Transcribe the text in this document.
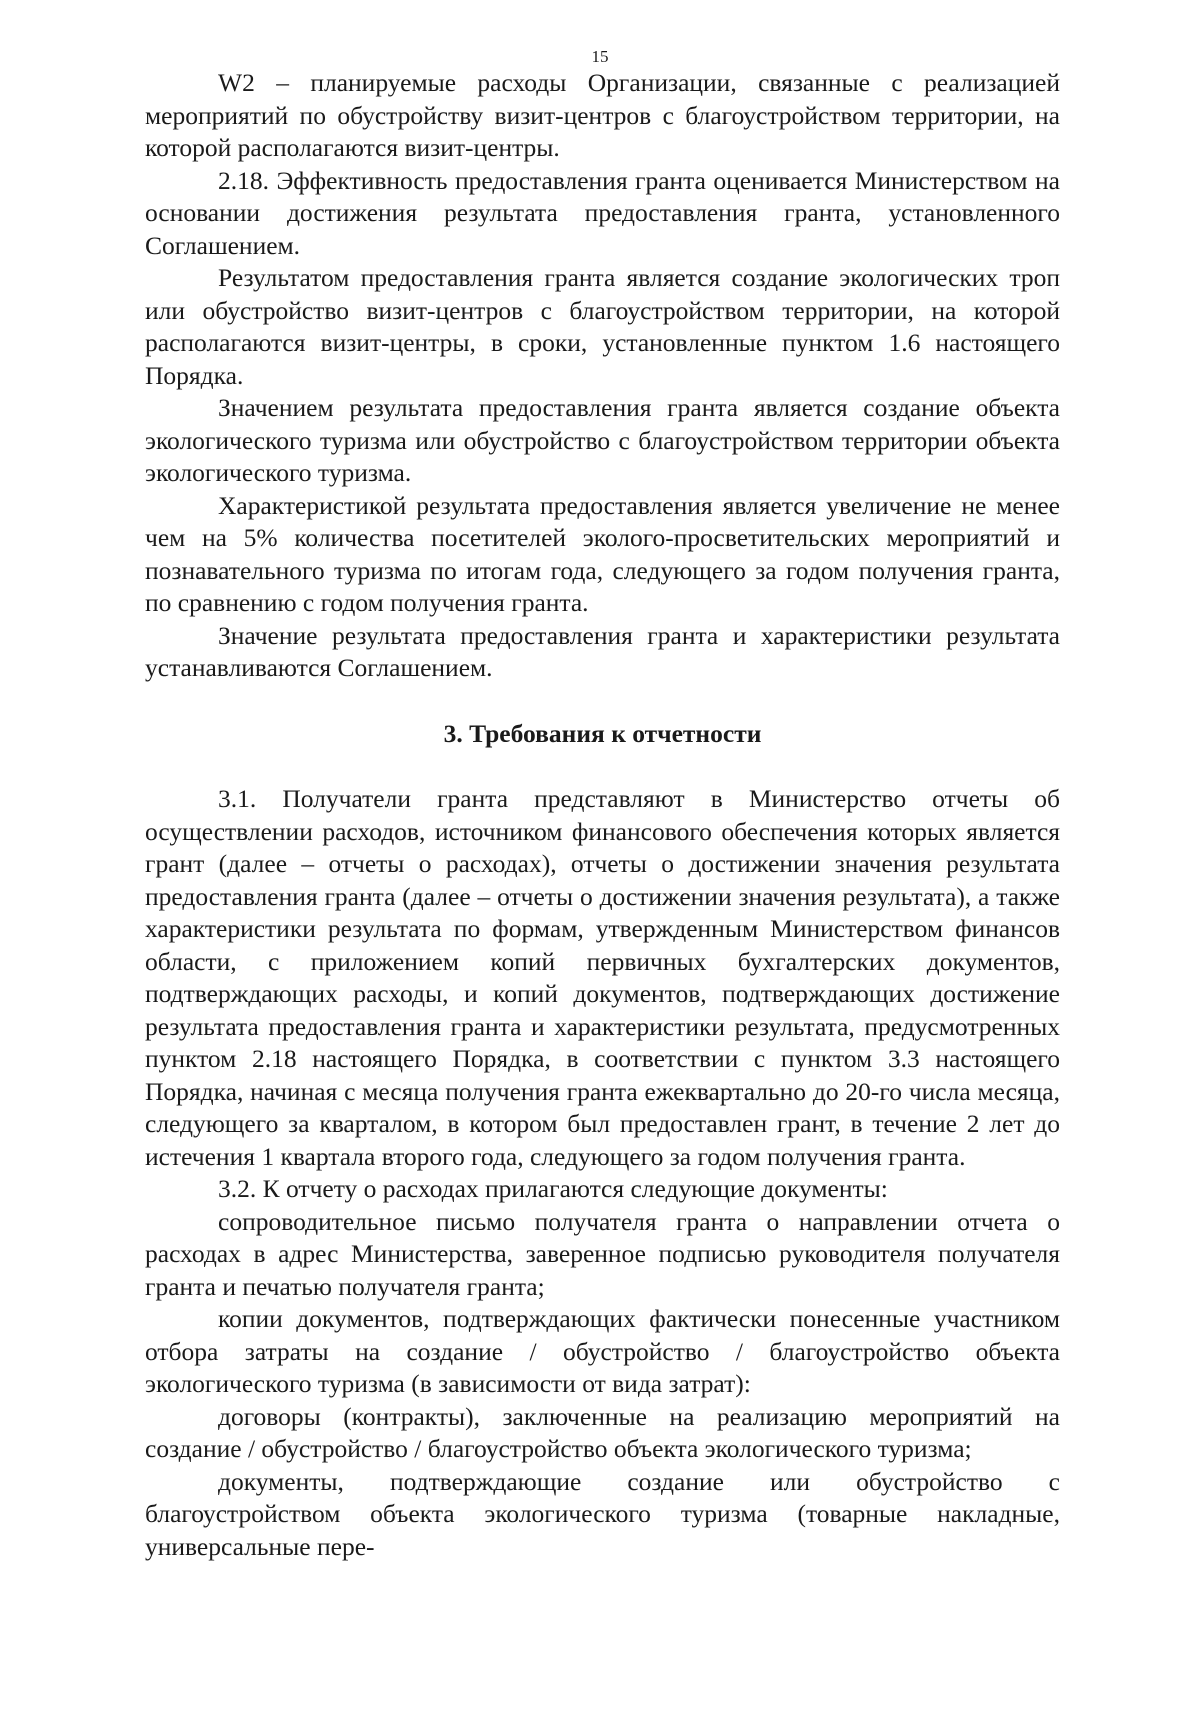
15

W2 – планируемые расходы Организации, связанные с реализацией мероприятий по обустройству визит-центров с благоустройством территории, на которой располагаются визит-центры.

2.18. Эффективность предоставления гранта оценивается Министерством на основании достижения результата предоставления гранта, установленного Соглашением.

Результатом предоставления гранта является создание экологических троп или обустройство визит-центров с благоустройством территории, на которой располагаются визит-центры, в сроки, установленные пунктом 1.6 настоящего Порядка.

Значением результата предоставления гранта является создание объекта экологического туризма или обустройство с благоустройством территории объекта экологического туризма.

Характеристикой результата предоставления является увеличение не менее чем на 5% количества посетителей эколого-просветительских мероприятий и познавательного туризма по итогам года, следующего за годом получения гранта, по сравнению с годом получения гранта.

Значение результата предоставления гранта и характеристики результата устанавливаются Соглашением.

3. Требования к отчетности

3.1. Получатели гранта представляют в Министерство отчеты об осуществлении расходов, источником финансового обеспечения которых является грант (далее – отчеты о расходах), отчеты о достижении значения результата предоставления гранта (далее – отчеты о достижении значения результата), а также характеристики результата по формам, утвержденным Министерством финансов области, с приложением копий первичных бухгалтерских документов, подтверждающих расходы, и копий документов, подтверждающих достижение результата предоставления гранта и характеристики результата, предусмотренных пунктом 2.18 настоящего Порядка, в соответствии с пунктом 3.3 настоящего Порядка, начиная с месяца получения гранта ежеквартально до 20-го числа месяца, следующего за кварталом, в котором был предоставлен грант, в течение 2 лет до истечения 1 квартала второго года, следующего за годом получения гранта.

3.2. К отчету о расходах прилагаются следующие документы:

сопроводительное письмо получателя гранта о направлении отчета о расходах в адрес Министерства, заверенное подписью руководителя получателя гранта и печатью получателя гранта;

копии документов, подтверждающих фактически понесенные участником отбора затраты на создание / обустройство / благоустройство объекта экологического туризма (в зависимости от вида затрат):

договоры (контракты), заключенные на реализацию мероприятий на создание / обустройство / благоустройство объекта экологического туризма;

документы, подтверждающие создание или обустройство с благоустройством объекта экологического туризма (товарные накладные, универсальные пере-
